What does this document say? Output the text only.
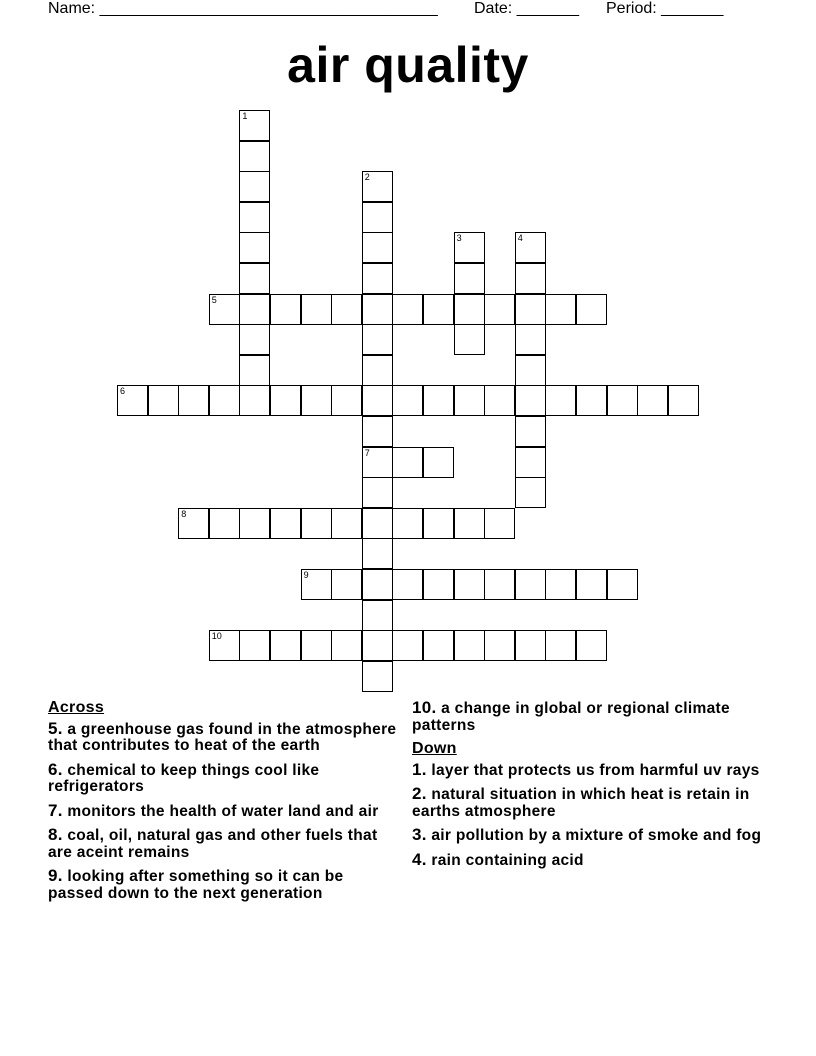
Name: ______________________________________ Date: _______ Period: _______
air quality
1
2
7
3	4
5
6
8
9
10
Across
5. a greenhouse gas found in the atmosphere that contributes to heat of the earth
6. chemical to keep things cool like refrigerators
7. monitors the health of water land and air
8. coal, oil, natural gas and other fuels that are aceint remains
9. looking after something so it can be passed down to the next generation
10. a change in global or regional climate patterns
Down
1. layer that protects us from harmful uv rays
2. natural situation in which heat is retain in earths atmosphere
3. air pollution by a mixture of smoke and fog
4. rain containing acid
